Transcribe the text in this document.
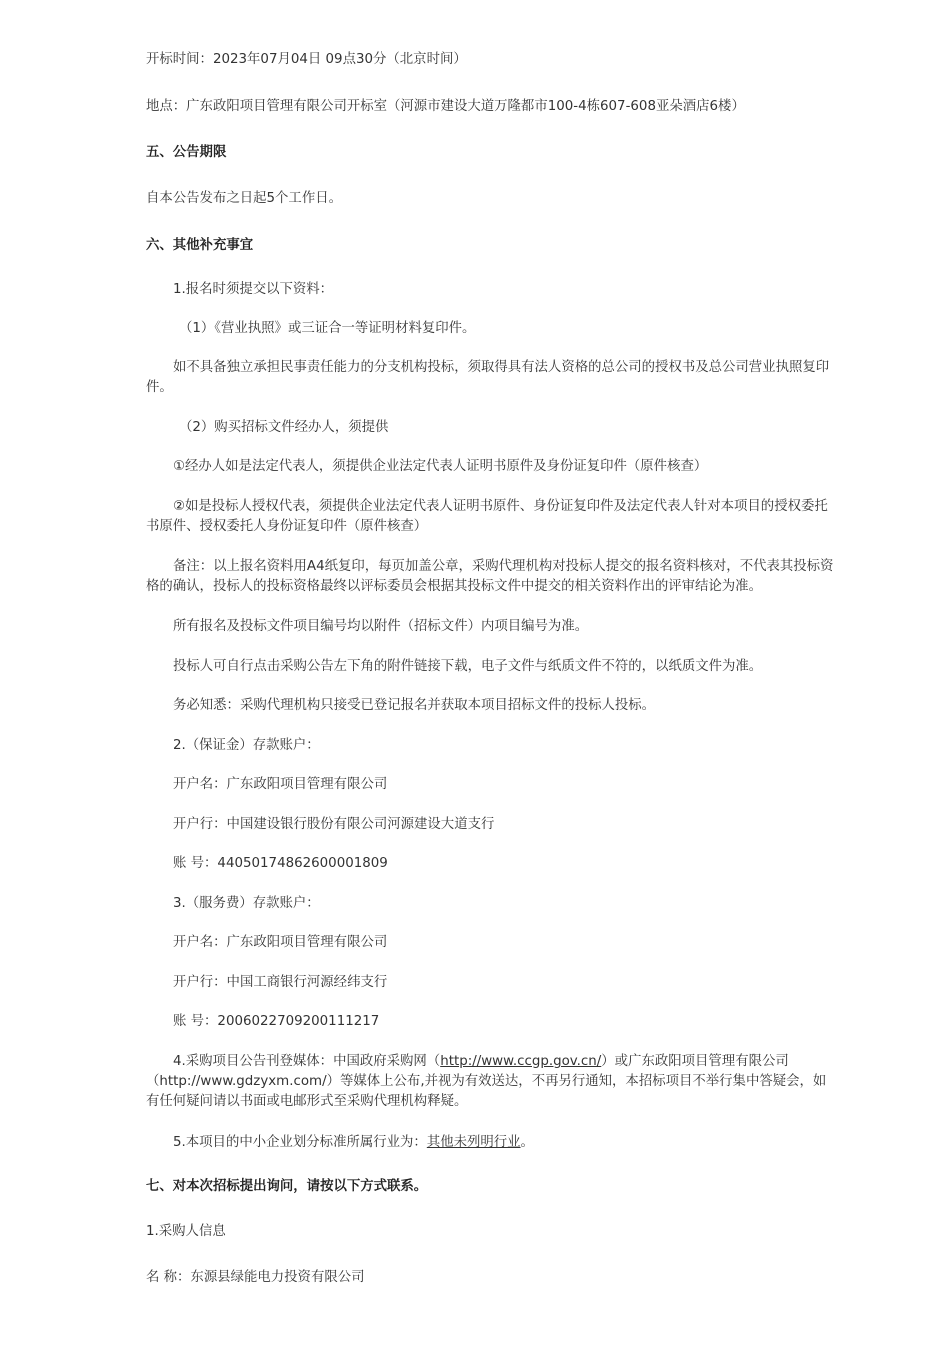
开标时间：2023年07月04日 09点30分（北京时间）

地点：广东政阳项目管理有限公司开标室（河源市建设大道万隆都市100-4栋607-608亚朵酒店6楼）

五、公告期限

自本公告发布之日起5个工作日。

六、其他补充事宜

1.报名时须提交以下资料：

（1）《营业执照》或三证合一等证明材料复印件。

如不具备独立承担民事责任能力的分支机构投标，须取得具有法人资格的总公司的授权书及总公司营业执照复印件。

（2）购买招标文件经办人，须提供

①经办人如是法定代表人，须提供企业法定代表人证明书原件及身份证复印件（原件核查）

②如是投标人授权代表，须提供企业法定代表人证明书原件、身份证复印件及法定代表人针对本项目的授权委托书原件、授权委托人身份证复印件（原件核查）

备注：以上报名资料用A4纸复印，每页加盖公章，采购代理机构对投标人提交的报名资料核对，不代表其投标资格的确认，投标人的投标资格最终以评标委员会根据其投标文件中提交的相关资料作出的评审结论为准。

所有报名及投标文件项目编号均以附件（招标文件）内项目编号为准。

投标人可自行点击采购公告左下角的附件链接下载，电子文件与纸质文件不符的，以纸质文件为准。

务必知悉：采购代理机构只接受已登记报名并获取本项目招标文件的投标人投标。

2.（保证金）存款账户：

开户名：广东政阳项目管理有限公司

开户行：中国建设银行股份有限公司河源建设大道支行

账 号：44050174862600001809

3.（服务费）存款账户：

开户名：广东政阳项目管理有限公司

开户行：中国工商银行河源经纬支行

账 号：2006022709200111217

4.采购项目公告刊登媒体：中国政府采购网（http://www.ccgp.gov.cn/）或广东政阳项目管理有限公司（http://www.gdzyxm.com/）等媒体上公布,并视为有效送达，不再另行通知，本招标项目不举行集中答疑会，如有任何疑问请以书面或电邮形式至采购代理机构释疑。

5.本项目的中小企业划分标准所属行业为：其他未列明行业。

七、对本次招标提出询问，请按以下方式联系。

1.采购人信息

名 称：东源县绿能电力投资有限公司
